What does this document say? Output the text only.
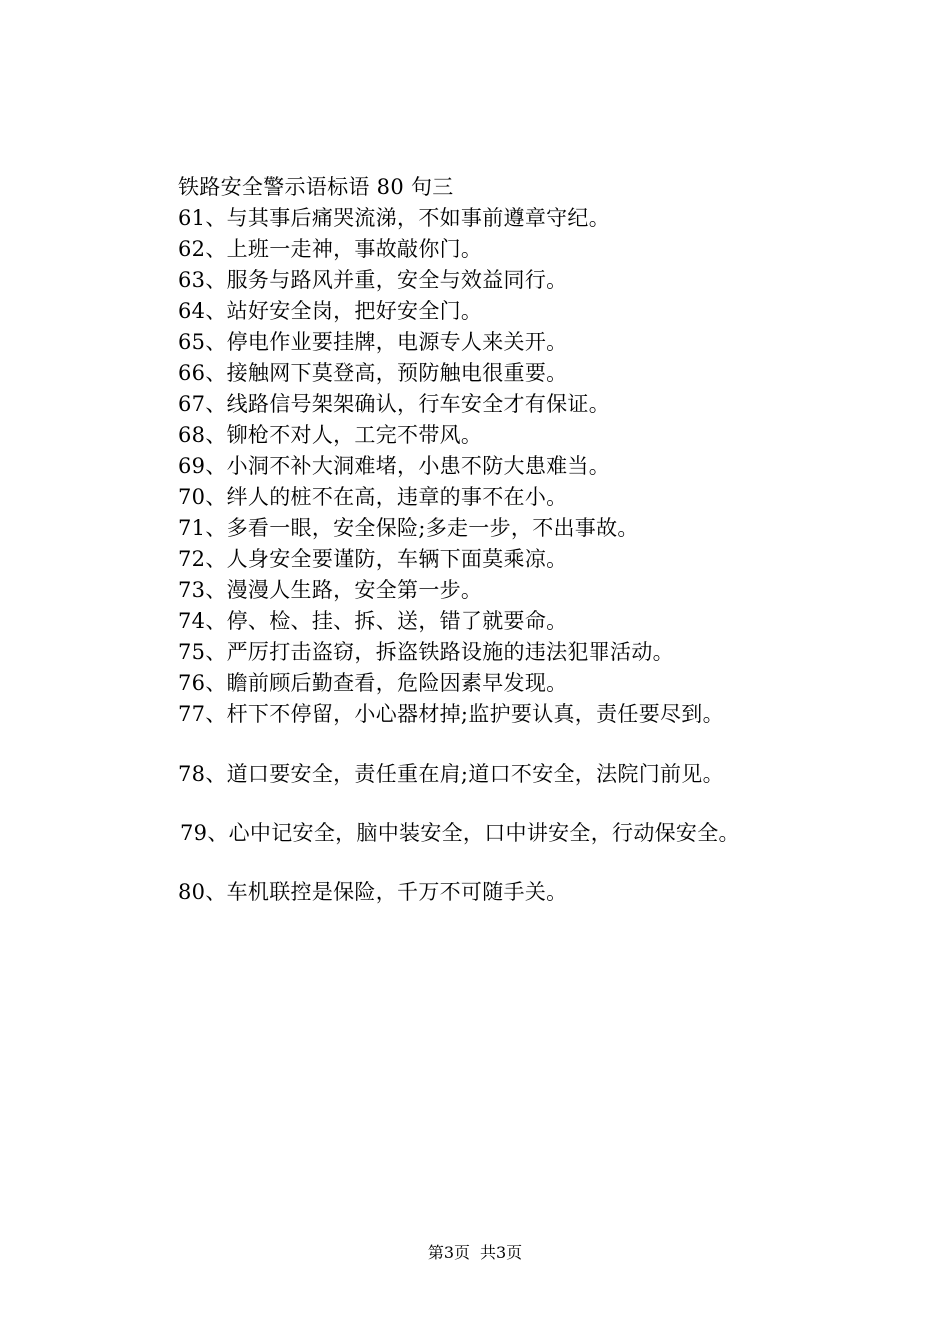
铁路安全警示语标语 80 句三
61、与其事后痛哭流涕，不如事前遵章守纪。
62、上班一走神，事故敲你门。
63、服务与路风并重，安全与效益同行。
64、站好安全岗，把好安全门。
65、停电作业要挂牌，电源专人来关开。
66、接触网下莫登高，预防触电很重要。
67、线路信号架架确认，行车安全才有保证。
68、铆枪不对人，工完不带风。
69、小洞不补大洞难堵，小患不防大患难当。
70、绊人的桩不在高，违章的事不在小。
71、多看一眼，安全保险;多走一步，不出事故。
72、人身安全要谨防，车辆下面莫乘凉。
73、漫漫人生路，安全第一步。
74、停、检、挂、拆、送，错了就要命。
75、严厉打击盗窃，拆盗铁路设施的违法犯罪活动。
76、瞻前顾后勤查看，危险因素早发现。
77、杆下不停留，小心器材掉;监护要认真，责任要尽到。
78、道口要安全，责任重在肩;道口不安全，法院门前见。
79、心中记安全，脑中装安全，口中讲安全，行动保安全。
80、车机联控是保险，千万不可随手关。
第3页 共3页
